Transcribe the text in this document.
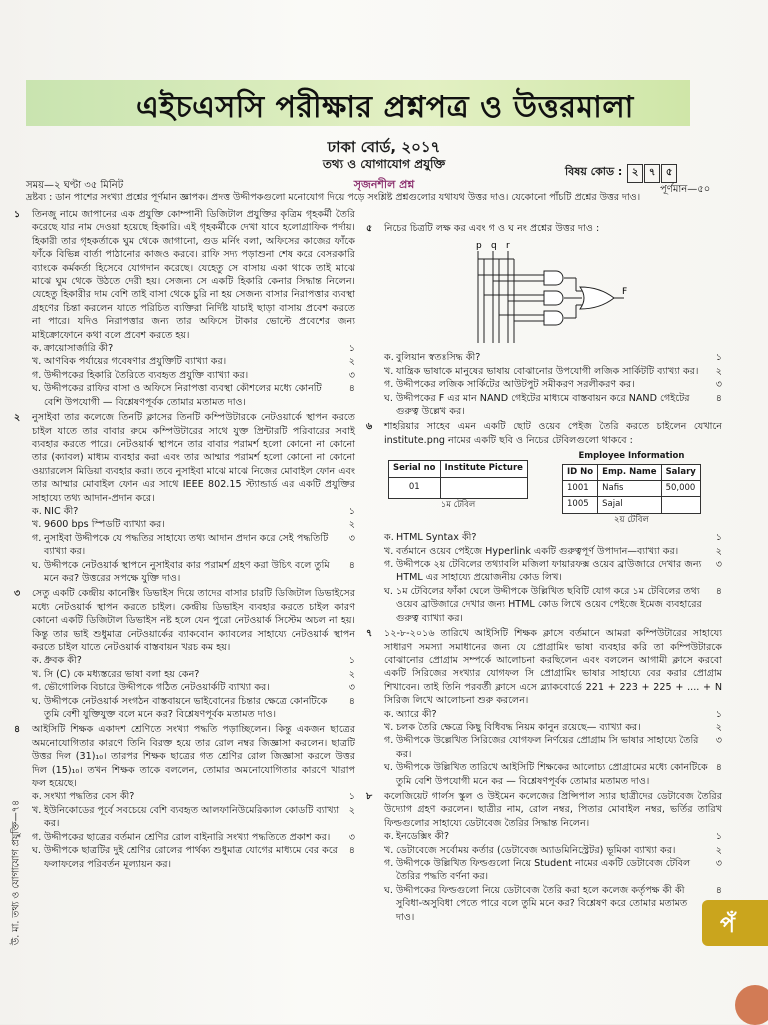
এইচএসসি পরীক্ষার প্রশ্নপত্র ও উত্তরমালা
ঢাকা বোর্ড, ২০১৭
তথ্য ও যোগাযোগ প্রযুক্তি
সৃজনশীল প্রশ্ন
বিষয় কোড : ২ ৭ ৫
সময়—২ ঘণ্টা ৩৫ মিনিট	পূর্ণমান—৫০
দ্রষ্টব্য : ডান পাশের সংখ্যা প্রশ্নের পূর্ণমান জ্ঞাপক। প্রদত্ত উদ্দীপকগুলো মনোযোগ দিয়ে পড়ে সংশ্লিষ্ট প্রশ্নগুলোর যথাযথ উত্তর দাও। যেকোনো পাঁচটি প্রশ্নের উত্তর দাও।
১ তিনজু নামে জাপানের এক প্রযুক্তি কোম্পানী ডিজিটাল প্রযুক্তির কৃত্রিম গৃহকর্মী তৈরি করেছে যার নাম দেওয়া হয়েছে হিকারি। এই গৃহকর্মীকে দেখা যাবে হলোগ্রাফিক পর্দায়। হিকারী তার গৃহকর্তাকে ঘুম থেকে জাগানো, গুড মর্নিং বলা, অফিসের কাজের ফাঁকে ফাঁকে বিভিন্ন বার্তা পাঠানোর কাজও করবে। রাফি সদ্য পড়াশুনা শেষ করে বেসরকারি ব্যাংকে কর্মকর্তা হিসেবে যোগদান করেছে। যেহেতু সে বাসায় একা থাকে তাই মাঝে মাঝে ঘুম থেকে উঠতে দেরী হয়। সেজন্য সে একটি হিকারি কেনার সিদ্ধান্ত নিলেন। যেহেতু হিকারীর দাম বেশি তাই বাসা থেকে চুরি না হয় সেজন্য বাসার নিরাপত্তার ব্যবস্থা গ্রহণের চিন্তা করলেন যাতে পরিচিত ব্যক্তিরা নির্দিষ্ট যাচাই ছাড়া বাসায় প্রবেশ করতে না পারে। যদিও নিরাপত্তার জন্য তার অফিসে টাকার ভোল্টে প্রবেশের জন্য মাইক্রোফোনে কথা বলে প্রবেশ করতে হয়।
ক. ক্রায়োসার্জারি কী?	১
খ. আণবিক পর্যায়ের গবেষণার প্রযুক্তিটি ব্যাখ্যা কর।	২
গ. উদ্দীপকের হিকারি তৈরিতে ব্যবহৃত প্রযুক্তি ব্যাখ্যা কর।	৩
ঘ. উদ্দীপকের রাফির বাসা ও অফিসে নিরাপত্তা ব্যবস্থা কৌশলের মধ্যে কোনটি বেশি উপযোগী — বিশ্লেষণপূর্বক তোমার মতামত দাও।
৪
২ নুসাইবা তার কলেজে তিনটি ক্লাসের তিনটি কম্পিউটারকে নেটওয়ার্কে স্থাপন করতে চাইল যাতে তার বাবার রুমে কম্পিউটারের সাথে যুক্ত প্রিন্টারটি পরিবারের সবাই ব্যবহার করতে পারে। নেটওয়ার্ক স্থাপনে তার বাবার পরামর্শ হলো কোনো না কোনো তার (ক্যাবল) মাধ্যম ব্যবহার করা এবং তার আম্মার পরামর্শ হলো কোনো না কোনো ওয়্যারলেস মিডিয়া ব্যবহার করা। তবে নুসাইবা মাঝে মাঝে নিজের মোবাইল ফোন এবং তার আম্মার মোবাইল ফোন এর সাথে IEEE 802.15 স্ট্যান্ডার্ড এর একটি প্রযুক্তির সাহায্যে তথ্য আদান-প্রদান করে।
ক. NIC কী?	১
খ. 9600 bps স্পিডটি ব্যাখ্যা কর।	২
গ. নুসাইবা উদ্দীপকে যে পদ্ধতির সাহায্যে তথ্য আদান প্রদান করে সেই পদ্ধতিটি ব্যাখ্যা কর।
৩
ঘ. উদ্দীপকে নেটওয়ার্ক স্থাপনে নুসাইবার কার পরামর্শ গ্রহণ করা উচিৎ বলে তুমি মনে কর? উত্তরের সপক্ষে যুক্তি দাও।
৪
৩ সেতু একটি কেন্দ্রীয় কানেক্টিং ডিভাইস দিয়ে তাদের বাসার চারটি ডিজিটাল ডিভাইসের মধ্যে নেটওয়ার্ক স্থাপন করতে চাইল। কেন্দ্রীয় ডিভাইস ব্যবহার করতে চাইল কারণ কোনো একটি ডিজিটাল ডিভাইস নষ্ট হলে যেন পুরো নেটওয়ার্ক সিস্টেম অচল না হয়। কিন্তু তার ভাই শুধুমাত্র নেটওয়ার্কের ব্যাকবোন ক্যাবলের সাহায্যে নেটওয়ার্ক স্থাপন করতে চাইল যাতে নেটওয়ার্ক বাস্তবায়ন খরচ কম হয়।
ক. ধ্রুবক কী?	১
খ. সি (C) কে মধ্যস্তরের ভাষা বলা হয় কেন?	২
গ. ভৌগোলিক বিচারে উদ্দীপকে গঠিত নেটওয়ার্কটি ব্যাখ্যা কর।	৩
ঘ. উদ্দীপকে নেটওয়ার্ক সংগঠন বাস্তবায়নে ভাইবোনের চিন্তার ক্ষেত্রে কোনটিকে তুমি বেশী যুক্তিযুক্ত বলে মনে কর? বিশ্লেষণপূর্বক মতামত দাও।
৪
৪ আইসিটি শিক্ষক একাদশ শ্রেণিতে সংখ্যা পদ্ধতি পড়াচ্ছিলেন। কিন্তু একজন ছাত্রের অমনোযোগিতার কারণে তিনি বিরক্ত হয়ে তার রোল নম্বর জিজ্ঞাসা করলেন। ছাত্রটি উত্তর দিল (31)₁₀। তারপর শিক্ষক ছাত্রের গত শ্রেণির রোল জিজ্ঞাসা করলে উত্তর দিল (15)₁₀। তখন শিক্ষক তাকে বললেন, তোমার অমনোযোগিতার কারণে খারাপ ফল হয়েছে।
ক. সংখ্যা পদ্ধতির বেস কী?	১
খ. ইউনিকোডের পূর্বে সবচেয়ে বেশি ব্যবহৃত আলফানিউমেরিক্যাল কোডটি ব্যাখ্যা কর।
২
গ. উদ্দীপকের ছাত্রের বর্তমান শ্রেণির রোল বাইনারি সংখ্যা পদ্ধতিতে প্রকাশ কর। ৩
ঘ. উদ্দীপকে ছাত্রটির দুই শ্রেণির রোলের পার্থক্য শুধুমাত্র যোগের মাধ্যমে বের করে ফলাফলের পরিবর্তন মূল্যায়ন কর।
৪
৫ নিচের চিত্রটি লক্ষ কর এবং গ ও ঘ নং প্রশ্নের উত্তর দাও :
p q r
F
ক. বুলিয়ান স্বতঃসিদ্ধ কী?	১
খ. যান্ত্রিক ভাষাকে মানুষের ভাষায় বোঝানোর উপযোগী লজিক সার্কিটটি ব্যাখ্যা কর। ২
গ. উদ্দীপকের লজিক সার্কিটের আউটপুট সমীকরণ সরলীকরণ কর।	৩
ঘ. উদ্দীপকের F এর মান NAND গেইটের মাধ্যমে বাস্তবায়ন করে NAND গেইটের গুরুত্ব উল্লেখ কর।
৪
৬ শাহরিয়ার সাহেব এমন একটি ছোট ওয়েব পেইজ তৈরি করতে চাইলেন যেখানে institute.png নামের একটি ছবি ও নিচের টেবিলগুলো থাকবে :
Serial no	Institute Picture
01	
১ম টেবিল
Employee Information
ID No	Emp. Name	Salary
1001	Nafis	50,000
1005	Sajal	
২য় টেবিল
ক. HTML Syntax কী?	১
খ. বর্তমানে ওয়েব পেইজে Hyperlink একটি গুরুত্বপূর্ণ উপাদান—ব্যাখ্যা কর।	২
গ. উদ্দীপকে ২য় টেবিলের তথ্যাবলি মজিলা ফায়ারফক্স ওয়েব ব্রাউজারে দেখার জন্য HTML এর সাহায্যে প্রয়োজনীয় কোড লিখ।
৩
ঘ. ১ম টেবিলের ফাঁকা ঘেলে উদ্দীপকে উল্লিখিত ছবিটি যোগ করে ১ম টেবিলের তথ্য ওয়েব ব্রাউজারে দেখার জন্য HTML কোড লিখে ওয়েব পেইজে ইমেজ ব্যবহারের গুরুত্ব ব্যাখ্যা কর।
৪
৭ ১২-৮-২০১৬ তারিখে আইসিটি শিক্ষক ক্লাসে বর্তমানে আমরা কম্পিউটারের সাহায্যে সাধারণ সমস্যা সমাধানের জন্য যে প্রোগ্রামিং ভাষা ব্যবহার করি তা কম্পিউটারকে বোঝানোর প্রোগ্রাম সম্পর্কে আলোচনা করছিলেন এবং বললেন আগামী ক্লাসে করবো একটি সিরিজের সংখ্যার যোগফল সি প্রোগ্রামিং ভাষার সাহায্যে বের করার প্রোগ্রাম শিখাবেন। তাই তিনি পরবর্তী ক্লাসে এসে ব্ল্যাকবোর্ডে 221 + 223 + 225 + .... + N সিরিজ লিখে আলোচনা শুরু করলেন।
ক. অ্যারে কী?	১
খ. চলক তৈরি ক্ষেত্রে কিছু বিধিবদ্ধ নিয়ম কানুন রয়েছে— ব্যাখ্যা কর।	২
গ. উদ্দীপকে উল্লেখিত সিরিজের যোগফল নির্ণয়ের প্রোগ্রাম সি ভাষার সাহায্যে তৈরি কর।
৩
ঘ. উদ্দীপকে উল্লিখিত তারিখে আইসিটি শিক্ষকের আলোচ্য প্রোগ্রামের মধ্যে কোনটিকে তুমি বেশি উপযোগী মনে কর — বিশ্লেষণপূর্বক তোমার মতামত দাও।
৪
৮ কলেজিয়েট গার্লস স্কুল ও উইমেন কলেজের প্রিন্সিপাল স্যার ছাত্রীদের ডেটাবেজ তৈরির উদ্যোগ গ্রহণ করলেন। ছাত্রীর নাম, রোল নম্বর, পিতার মোবাইল নম্বর, ভর্তির তারিখ ফিল্ডগুলোর সাহায্যে ডেটাবেজ তৈরির সিদ্ধান্ত নিলেন।
ক. ইনডেক্সিং কী?	১
খ. ডেটাবেজে সর্বোময় কর্তার (ডেটাবেজ অ্যাডমিনিস্ট্রেটর) ভূমিকা ব্যাখ্যা কর।	২
গ. উদ্দীপকে উল্লিখিত ফিল্ডগুলো নিয়ে Student নামের একটি ডেটাবেজ টেবিল তৈরির পদ্ধতি বর্ণনা কর।
৩
ঘ. উদ্দীপকের ফিল্ডগুলো নিয়ে ডেটাবেজ তৈরি করা হলে কলেজ কর্তৃপক্ষ কী কী সুবিধা-অসুবিধা পেতে পারে বলে তুমি মনে কর? বিশ্লেষণ করে তোমার মতামত দাও।
৪
উ. মা. তথ্য ও যোগাযোগ প্রযুক্তি—৭৪	পঁ
